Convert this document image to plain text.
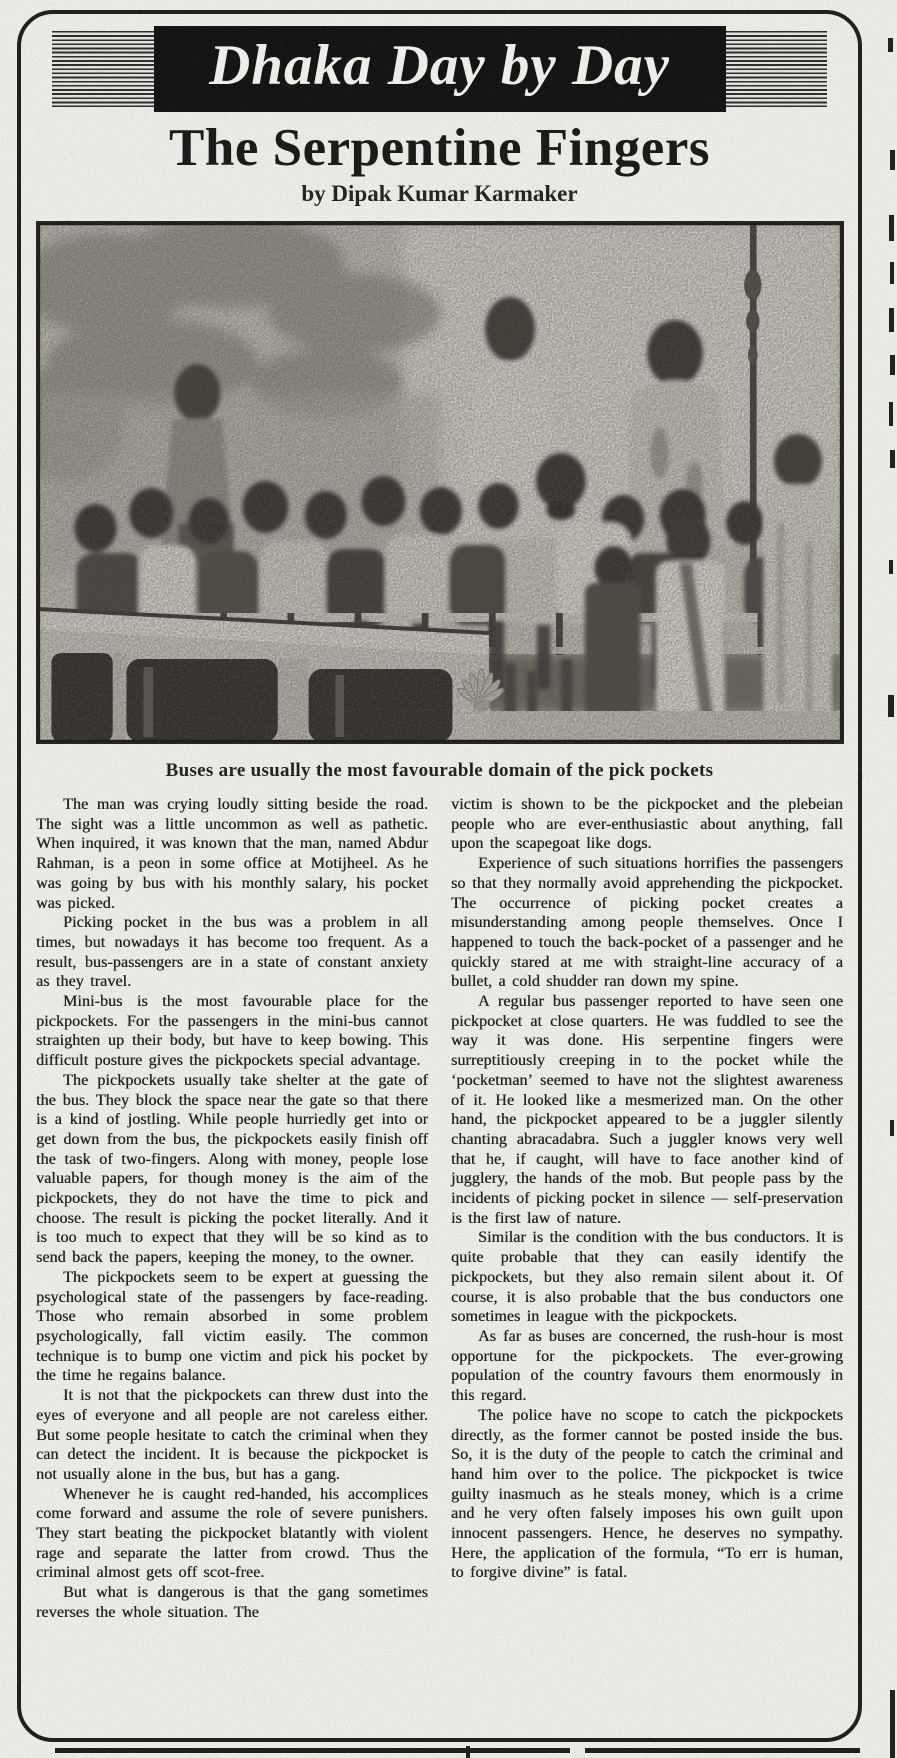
Dhaka Day by Day
The Serpentine Fingers
by Dipak Kumar Karmaker
Buses are usually the most favourable domain of the pick pockets

The man was crying loudly sitting beside the road. The sight was a little uncommon as well as pathetic. When inquired, it was known that the man, named Abdur Rahman, is a peon in some office at Motijheel. As he was going by bus with his monthly salary, his pocket was picked.

Picking pocket in the bus was a problem in all times, but nowadays it has become too frequent. As a result, bus-passengers are in a state of constant anxiety as they travel.

Mini-bus is the most favourable place for the pickpockets. For the passengers in the mini-bus cannot straighten up their body, but have to keep bowing. This difficult posture gives the pickpockets special advantage.

The pickpockets usually take shelter at the gate of the bus. They block the space near the gate so that there is a kind of jostling. While people hurriedly get into or get down from the bus, the pickpockets easily finish off the task of two-fingers. Along with money, people lose valuable papers, for though money is the aim of the pickpockets, they do not have the time to pick and choose. The result is picking the pocket literally. And it is too much to expect that they will be so kind as to send back the papers, keeping the money, to the owner.

The pickpockets seem to be expert at guessing the psychological state of the passengers by face-reading. Those who remain absorbed in some problem psychologically, fall victim easily. The common technique is to bump one victim and pick his pocket by the time he regains balance.

It is not that the pickpockets can threw dust into the eyes of everyone and all people are not careless either. But some people hesitate to catch the criminal when they can detect the incident. It is because the pickpocket is not usually alone in the bus, but has a gang.

Whenever he is caught red-handed, his accomplices come forward and assume the role of severe punishers. They start beating the pickpocket blatantly with violent rage and separate the latter from crowd. Thus the criminal almost gets off scot-free.

But what is dangerous is that the gang sometimes reverses the whole situation. The

victim is shown to be the pickpocket and the plebeian people who are ever-enthusiastic about anything, fall upon the scapegoat like dogs.

Experience of such situations horrifies the passengers so that they normally avoid apprehending the pickpocket. The occurrence of picking pocket creates a misunderstanding among people themselves. Once I happened to touch the back-pocket of a passenger and he quickly stared at me with straight-line accuracy of a bullet, a cold shudder ran down my spine.

A regular bus passenger reported to have seen one pickpocket at close quarters. He was fuddled to see the way it was done. His serpentine fingers were surreptitiously creeping in to the pocket while the ‘pocketman’ seemed to have not the slightest awareness of it. He looked like a mesmerized man. On the other hand, the pickpocket appeared to be a juggler silently chanting abracadabra. Such a juggler knows very well that he, if caught, will have to face another kind of jugglery, the hands of the mob. But people pass by the incidents of picking pocket in silence — self-preservation is the first law of nature.

Similar is the condition with the bus conductors. It is quite probable that they can easily identify the pickpockets, but they also remain silent about it. Of course, it is also probable that the bus conductors one sometimes in league with the pickpockets.

As far as buses are concerned, the rush-hour is most opportune for the pickpockets. The ever-growing population of the country favours them enormously in this regard.

The police have no scope to catch the pickpockets directly, as the former cannot be posted inside the bus. So, it is the duty of the people to catch the criminal and hand him over to the police. The pickpocket is twice guilty inasmuch as he steals money, which is a crime and he very often falsely imposes his own guilt upon innocent passengers. Hence, he deserves no sympathy. Here, the application of the formula, “To err is human, to forgive divine” is fatal.
